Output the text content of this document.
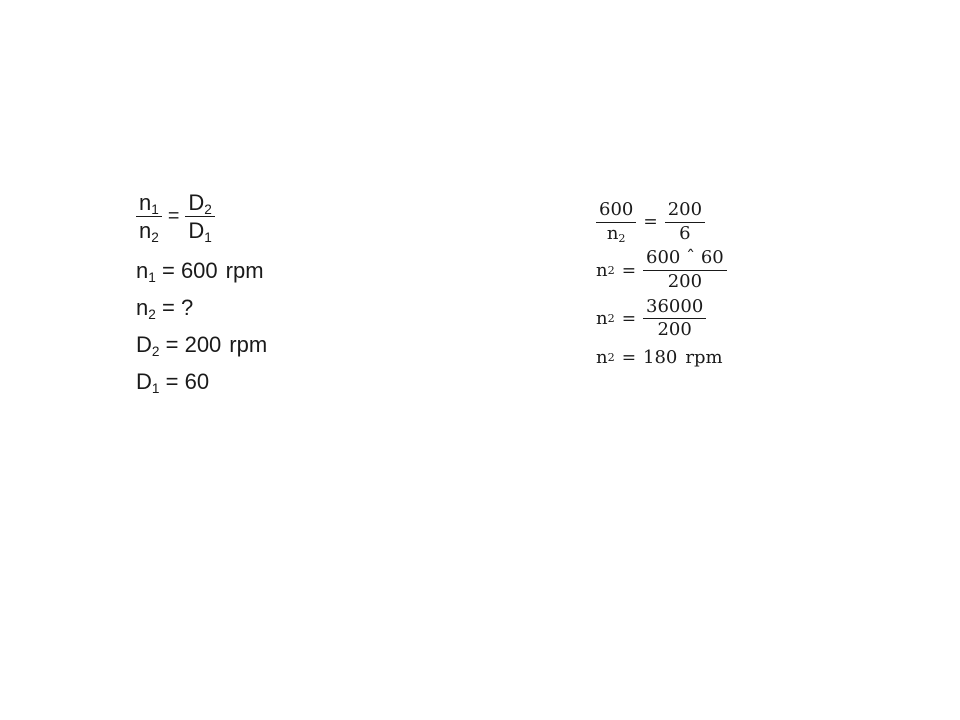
$\frac{n_1}{n_2} = \frac{D_2}{D_1}$
$n_1 = 600$ rpm
$n_2$ = ?
$D_2 = 200$ rpm
$D_1 = 60$
$\frac{600}{n_2} = \frac{200}{6}$
n $2 = \frac{\text{600 ˆ 60}}{200}$
n $2 = \frac{36000}{200}$
n 2 = 180 rpm
